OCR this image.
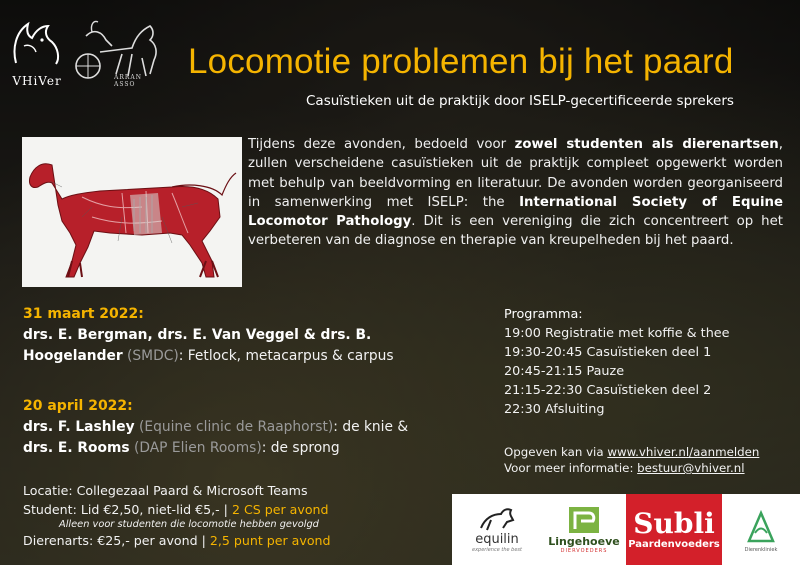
VHiVer	ARRAN ASSO
Locomotie problemen bij het paard
Casuïstieken uit de praktijk door ISELP-gecertificeerde sprekers
Tijdens deze avonden, bedoeld voor zowel studenten als dierenartsen, zullen verscheidene casuïstieken uit de praktijk compleet opgewerkt worden met behulp van beeldvorming en literatuur. De avonden worden georganiseerd in samenwerking met ISELP: the International Society of Equine Locomotor Pathology. Dit is een vereniging die zich concentreert op het verbeteren van de diagnose en therapie van kreupelheden bij het paard.
31 maart 2022:
drs. E. Bergman, drs. E. Van Veggel & drs. B. Hoogelander (SMDC): Fetlock, metacarpus & carpus
20 april 2022:
drs. F. Lashley (Equine clinic de Raaphorst): de knie &
drs. E. Rooms (DAP Elien Rooms): de sprong
Locatie: Collegezaal Paard & Microsoft Teams
Student: Lid €2,50, niet-lid €5,- | 2 CS per avond
Alleen voor studenten die locomotie hebben gevolgd
Dierenarts: €25,- per avond | 2,5 punt per avond
Programma:
19:00 Registratie met koffie & thee
19:30-20:45 Casuïstieken deel 1
20:45-21:15 Pauze
21:15-22:30 Casuïstieken deel 2
22:30 Afsluiting
Opgeven kan via www.vhiver.nl/aanmelden
Voor meer informatie: bestuur@vhiver.nl
equilin
experience the best
Lingehoeve
DIERVOEDERS
Subli
Paardenvoeders	Dierenkliniek
